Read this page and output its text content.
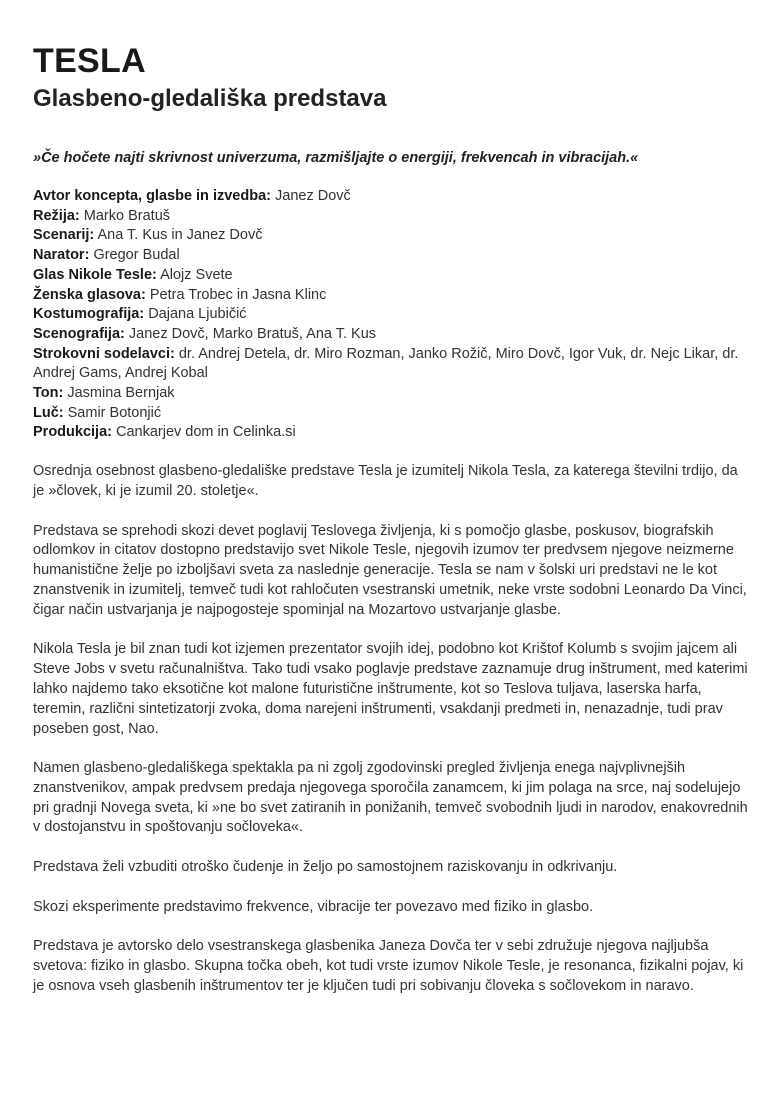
TESLA
Glasbeno-gledališka predstava

»Če hočete najti skrivnost univerzuma, razmišljajte o energiji, frekvencah in vibracijah.«

Avtor koncepta, glasbe in izvedba: Janez Dovč
Režija: Marko Bratuš
Scenarij: Ana T. Kus in Janez Dovč
Narator: Gregor Budal
Glas Nikole Tesle: Alojz Svete
Ženska glasova: Petra Trobec in Jasna Klinc
Kostumografija: Dajana Ljubičić
Scenografija: Janez Dovč, Marko Bratuš, Ana T. Kus
Strokovni sodelavci: dr. Andrej Detela, dr. Miro Rozman, Janko Rožič, Miro Dovč, Igor Vuk, dr. Nejc Likar, dr. Andrej Gams, Andrej Kobal
Ton: Jasmina Bernjak
Luč: Samir Botonjić
Produkcija: Cankarjev dom in Celinka.si

Osrednja osebnost glasbeno-gledališke predstave Tesla je izumitelj Nikola Tesla, za katerega številni trdijo, da je »človek, ki je izumil 20. stoletje«.

Predstava se sprehodi skozi devet poglavij Teslovega življenja, ki s pomočjo glasbe, poskusov, biografskih odlomkov in citatov dostopno predstavijo svet Nikole Tesle, njegovih izumov ter predvsem njegove neizmerne humanistične želje po izboljšavi sveta za naslednje generacije. Tesla se nam v šolski uri predstavi ne le kot znanstvenik in izumitelj, temveč tudi kot rahločuten vsestranski umetnik, neke vrste sodobni Leonardo Da Vinci, čigar način ustvarjanja je najpogosteje spominjal na Mozartovo ustvarjanje glasbe.

Nikola Tesla je bil znan tudi kot izjemen prezentator svojih idej, podobno kot Krištof Kolumb s svojim jajcem ali Steve Jobs v svetu računalništva. Tako tudi vsako poglavje predstave zaznamuje drug inštrument, med katerimi lahko najdemo tako eksotične kot malone futuristične inštrumente, kot so Teslova tuljava, laserska harfa, teremin, različni sintetizatorji zvoka, doma narejeni inštrumenti, vsakdanji predmeti in, nenazadnje, tudi prav poseben gost, Nao.

Namen glasbeno-gledališkega spektakla pa ni zgolj zgodovinski pregled življenja enega najvplivnejših znanstvenikov, ampak predvsem predaja njegovega sporočila zanamcem, ki jim polaga na srce, naj sodelujejo pri gradnji Novega sveta, ki »ne bo svet zatiranih in ponižanih, temveč svobodnih ljudi in narodov, enakovrednih v dostojanstvu in spoštovanju sočloveka«.

Predstava želi vzbuditi otroško čudenje in željo po samostojnem raziskovanju in odkrivanju.

Skozi eksperimente predstavimo frekvence, vibracije ter povezavo med fiziko in glasbo.

Predstava je avtorsko delo vsestranskega glasbenika Janeza Dovča ter v sebi združuje njegova najljubša svetova: fiziko in glasbo. Skupna točka obeh, kot tudi vrste izumov Nikole Tesle, je resonanca, fizikalni pojav, ki je osnova vseh glasbenih inštrumentov ter je ključen tudi pri sobivanju človeka s sočlovekom in naravo.
